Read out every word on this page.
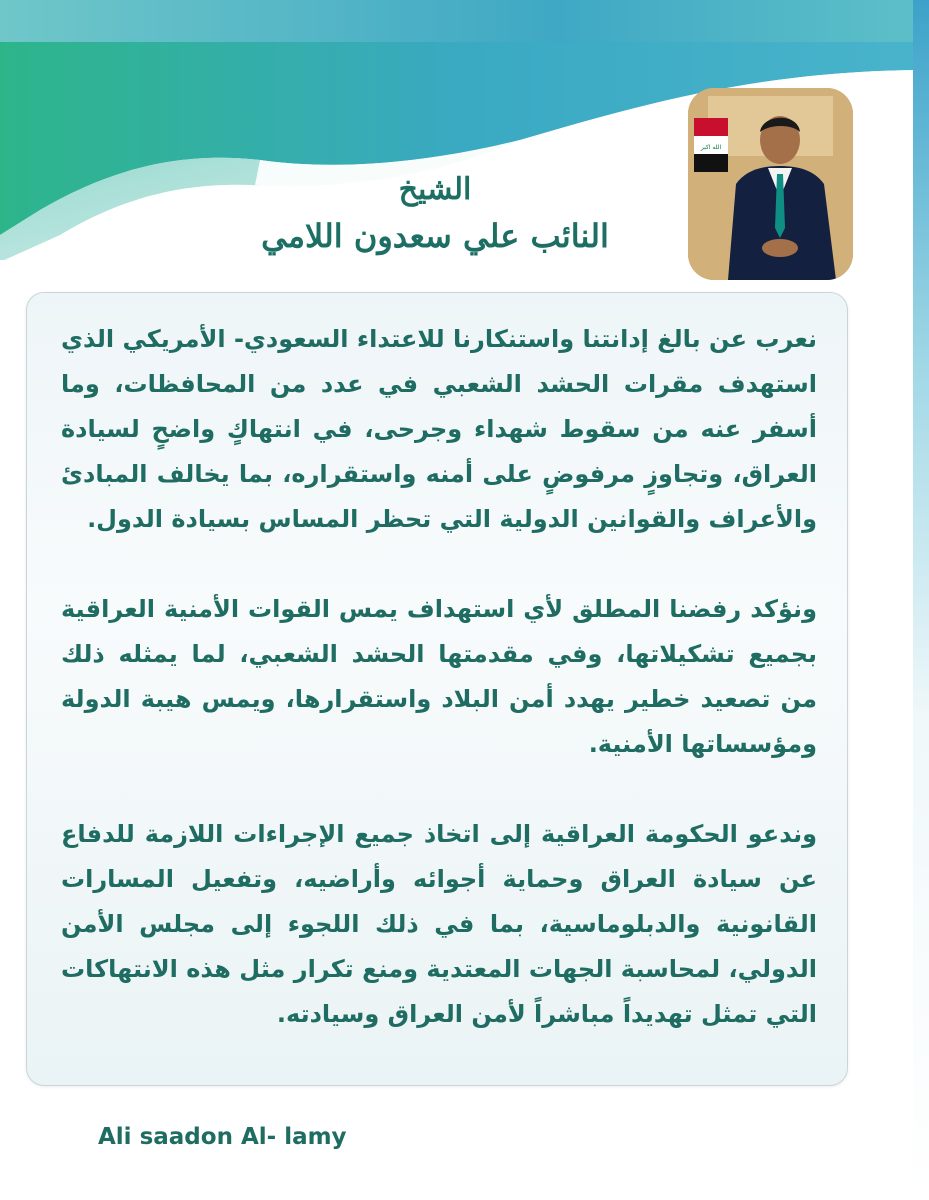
الله اكبر
الشيخ
النائب علي سعدون اللامي

نعرب عن بالغ إدانتنا واستنكارنا للاعتداء السعودي- الأمريكي الذي استهدف مقرات الحشد الشعبي في عدد من المحافظات، وما أسفر عنه من سقوط شهداء وجرحى، في انتهاكٍ واضحٍ لسيادة العراق، وتجاوزٍ مرفوضٍ على أمنه واستقراره، بما يخالف المبادئ والأعراف والقوانين الدولية التي تحظر المساس بسيادة الدول.

ونؤكد رفضنا المطلق لأي استهداف يمس القوات الأمنية العراقية بجميع تشكيلاتها، وفي مقدمتها الحشد الشعبي، لما يمثله ذلك من تصعيد خطير يهدد أمن البلاد واستقرارها، ويمس هيبة الدولة ومؤسساتها الأمنية.

وندعو الحكومة العراقية إلى اتخاذ جميع الإجراءات اللازمة للدفاع عن سيادة العراق وحماية أجوائه وأراضيه، وتفعيل المسارات القانونية والدبلوماسية، بما في ذلك اللجوء إلى مجلس الأمن الدولي، لمحاسبة الجهات المعتدية ومنع تكرار مثل هذه الانتهاكات التي تمثل تهديداً مباشراً لأمن العراق وسيادته.

Ali saadon Al- lamy
